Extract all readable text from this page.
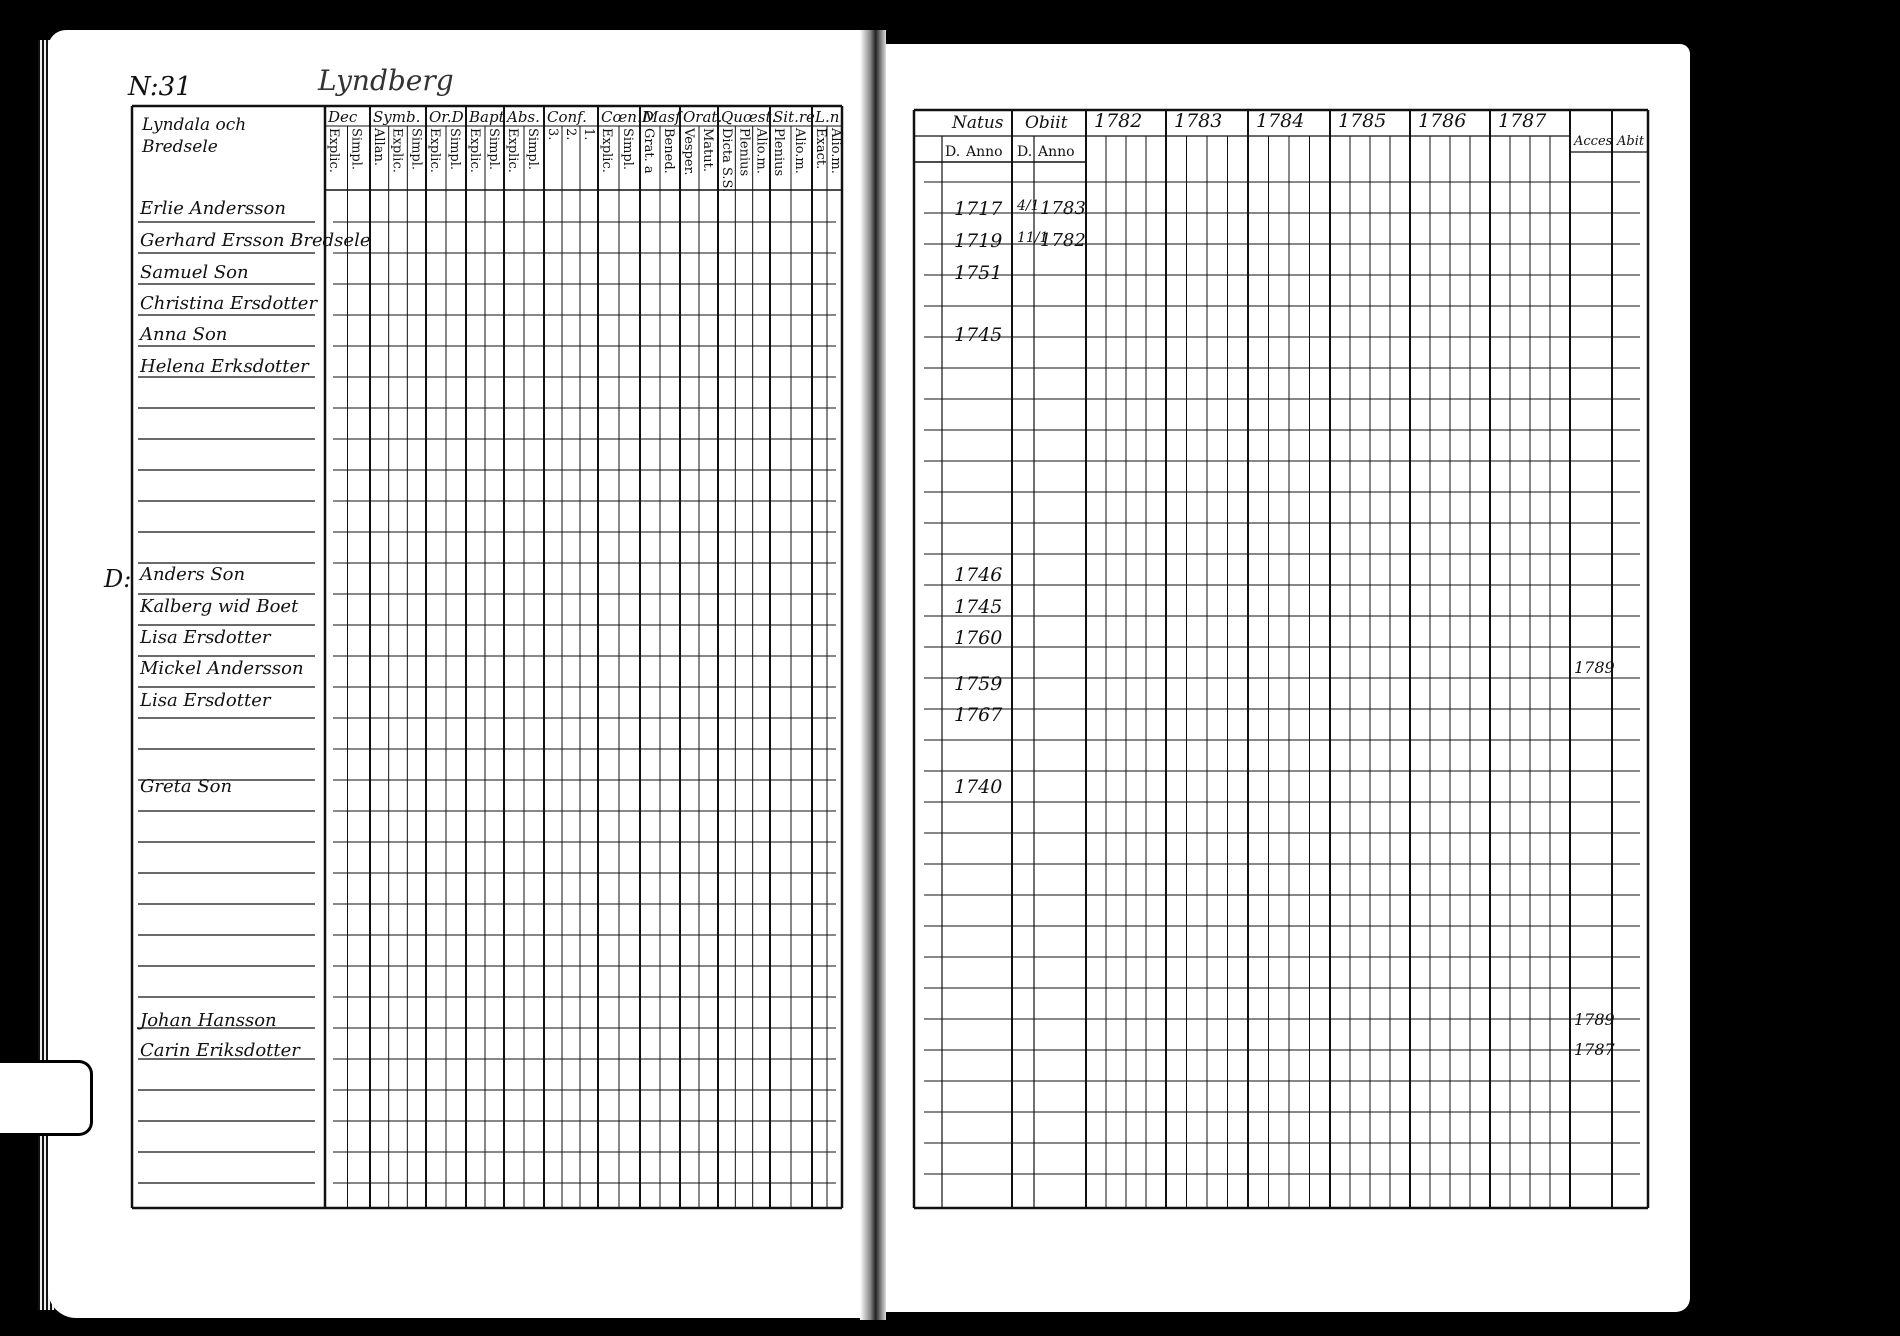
N:31	Lyndberg
Lyndala och Bredsele
D:
Dec
Explic. Simpl.
Symb.
Allan. Explic. Simpl.
Or.D
Explic. Simpl.
Bapt
Explic. Simpl.
Abs.
Explic. Simpl.
Conf.
3. 2. 1.
Cœn.D
Explic. Simpl.
Masf
Grat. a Bened.
Orat.
Vesper. Matut.
Quœst.
Dicta S.S. Plenius Alio.m.
Sit.re
Plenius Alio.m.
L.n.
Exact. Alio.m.
Erlie Andersson
Gerhard Ersson Bredsele
Samuel Son
Christina Ersdotter
Anna Son
Helena Erksdotter
Anders Son
Kalberg wid Boet
Lisa Ersdotter
Mickel Andersson
Lisa Ersdotter
Greta Son
Johan Hansson
Carin Eriksdotter
Natus Obiit
D. Anno D. Anno
Acces Abit
1782 1783 1784 1785 1786 1787
1717
1719
1751
1745
1746
1745
1760
1759
1767
1740
4/1 1783
11/1
1782
1789
1789
1787
